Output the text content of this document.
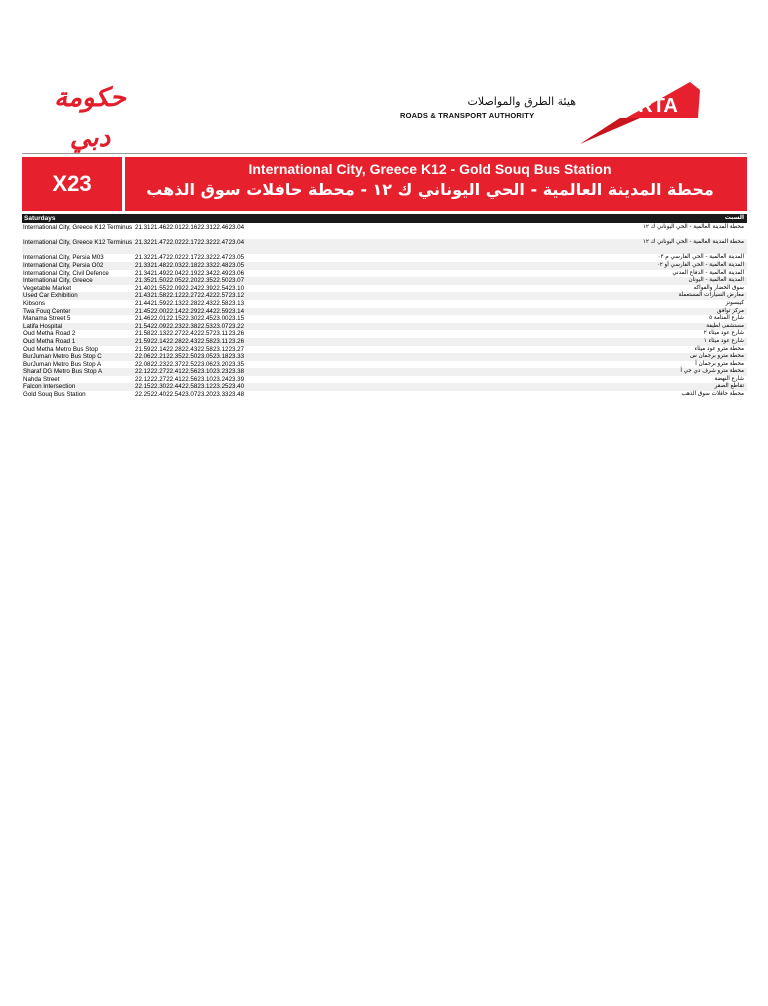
حكومة دبي
هيئة الطرق والمواصلات
ROADS & TRANSPORT AUTHORITY	RTA
X23
International City, Greece K12 - Gold Souq Bus Station
محطة المدينة العالمية - الحي اليوناني ك ١٢ - محطة حافلات سوق الذهب
Saturdays	السبت
International City, Greece K12 Terminus 21.31 21.46 22.01 22.16 22.31 22.46 23.04	محطة المدينة العالمية - الحي اليوناني ك ١٢
International City, Greece K12 Terminus 21.32 21.47 22.02 22.17 22.32 22.47 23.04	محطة المدينة العالمية - الحي اليوناني ك ١٢
International City, Persia M03	21.32 21.47 22.02 22.17 22.32 22.47 23.05	المدينة العالمية - الحي الفارسي م ٠٣
International City, Persia O02	21.33 21.48 22.03 22.18 22.33 22.48 23.05	المدينة العالمية - الحي الفارسي أو ٠٢
International City, Civil Defence	21.34 21.49 22.04 22.19 22.34 22.49 23.06	المدينة العالمية - الدفاع المدني
International City, Greece	21.35 21.50 22.05 22.20 22.35 22.50 23.07	المدينة العالمية - اليونان
Vegetable Market	21.40 21.55 22.09 22.24 22.39 22.54 23.10	سوق الخضار والفواكه
Used Car Exhibition	21.43 21.58 22.12 22.27 22.42 22.57 23.12	معارض السيارات المستعملة
Kibsons	21.44 21.59 22.13 22.28 22.43 22.58 23.13	كيبسونز
Twa Fouq Center	21.45 22.00 22.14 22.29 22.44 22.59 23.14	مركز توافق
Manama Street 5	21.46 22.01 22.15 22.30 22.45 23.00 23.15	شارع المنامة ٥
Latifa Hospital	21.54 22.09 22.23 22.38 22.53 23.07 23.22	مستشفى لطيفة
Oud Metha Road 2	21.58 22.13 22.27 22.42 22.57 23.11 23.26	شارع عود ميثاء ٢
Oud Metha Road 1	21.59 22.14 22.28 22.43 22.58 23.11 23.26	شارع عود ميثاء ١
Oud Metha Metro Bus Stop	21.59 22.14 22.28 22.43 22.58 23.12 23.27	محطة مترو عود ميثاء
BurJuman Metro Bus Stop C	22.06 22.21 22.35 22.50 23.05 23.18 23.33	محطة مترو برجمان س
BurJuman Metro Bus Stop A	22.08 22.23 22.37 22.52 23.06 23.20 23.35	محطة مترو برجمان أ
Sharaf DG Metro Bus Stop A	22.12 22.27 22.41 22.56 23.10 23.23 23.38	محطة مترو شرف دي جي أ
Nahda Street	22.12 22.27 22.41 22.56 23.10 23.24 23.39	شارع النهضة
Falcon Intersection	22.15 22.30 22.44 22.58 23.12 23.25 23.40	تقاطع الصقر
Gold Souq Bus Station	22.25 22.40 22.54 23.07 23.20 23.33 23.48	محطة حافلات سوق الذهب
